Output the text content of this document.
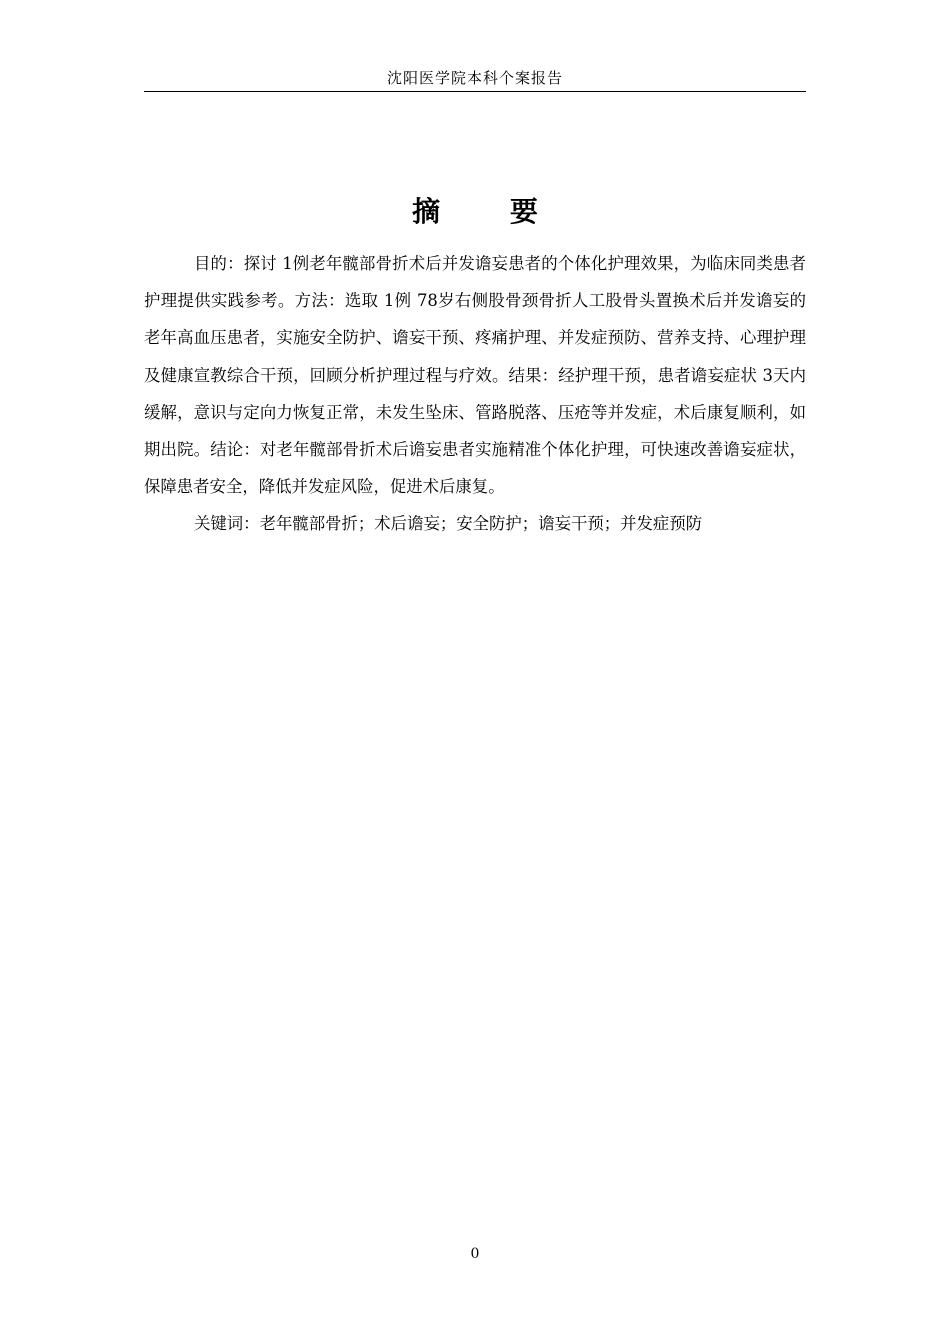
沈阳医学院本科个案报告
摘 要

目的：探讨 1例老年髋部骨折术后并发谵妄患者的个体化护理效果，为临床同类患者护理提供实践参考。方法：选取 1例 78岁右侧股骨颈骨折人工股骨头置换术后并发谵妄的老年高血压患者，实施安全防护、谵妄干预、疼痛护理、并发症预防、营养支持、心理护理及健康宣教综合干预，回顾分析护理过程与疗效。结果：经护理干预，患者谵妄症状 3天内缓解，意识与定向力恢复正常，未发生坠床、管路脱落、压疮等并发症，术后康复顺利，如期出院。结论：对老年髋部骨折术后谵妄患者实施精准个体化护理，可快速改善谵妄症状，保障患者安全，降低并发症风险，促进术后康复。

关键词：老年髋部骨折；术后谵妄；安全防护；谵妄干预；并发症预防

0
